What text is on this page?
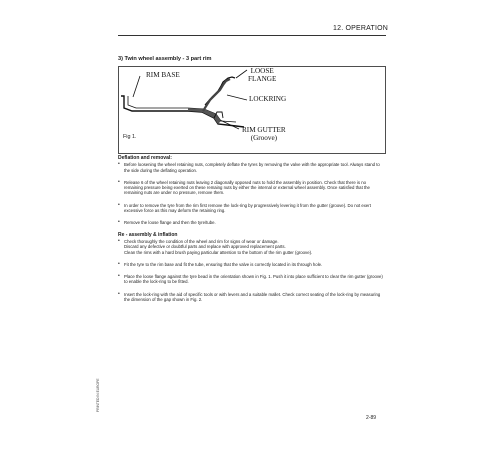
12. OPERATION
3) Twin wheel assembly - 3 part rim
RIM BASE	LOOSE
FLANGE
LOCKRING
RIM GUTTER
(Groove)
Fig 1.
Deflation and removal:
• Before loosening the wheel retaining nuts, completely deflate the tyres by removing the valve with the appropriate tool. Always stand to the side during the deflating operation.
• Release 6 of the wheel retaining nuts leaving 2 diagonally opposed nuts to hold the assembly in position. Check that there is no remaining pressure being exerted on these remaing nuts by either the internal or external wheel assembly. Once satisfied that the remaining nuts are under no pressure, remove them.
• In order to remove the tyre from the rim first remove the lock-ring by progressively levering it from the gutter (groove). Do not exert excessive force as this may deform the retaining ring.
• Remove the loose flange and then the tyre/tube.
Re - assembly & inflation
• Check thoroughly the condition of the wheel and rim for signs of wear or damage.
Discard any defective or doubtful parts and replace with approved replacement parts.
Clean the rims with a hard brush paying particular attention to the bottom of the rim gutter (groove).
• Fit the tyre to the rim base and fit the tube, ensuring that the valve is correctly located in its through hole.
• Place the loose flange against the tyre bead in the orientation shown in Fig. 1. Push it into place sufficient to clear the rim gutter (groove) to enable the lock-ring to be fitted.
• Insert the lock-ring with the aid of specific tools or with levers and a suitable mallet. Check correct seating of the lock-ring by measuring the dimension of the gap shown in Fig. 2.
PRINTED IN EUROPE
2-89
